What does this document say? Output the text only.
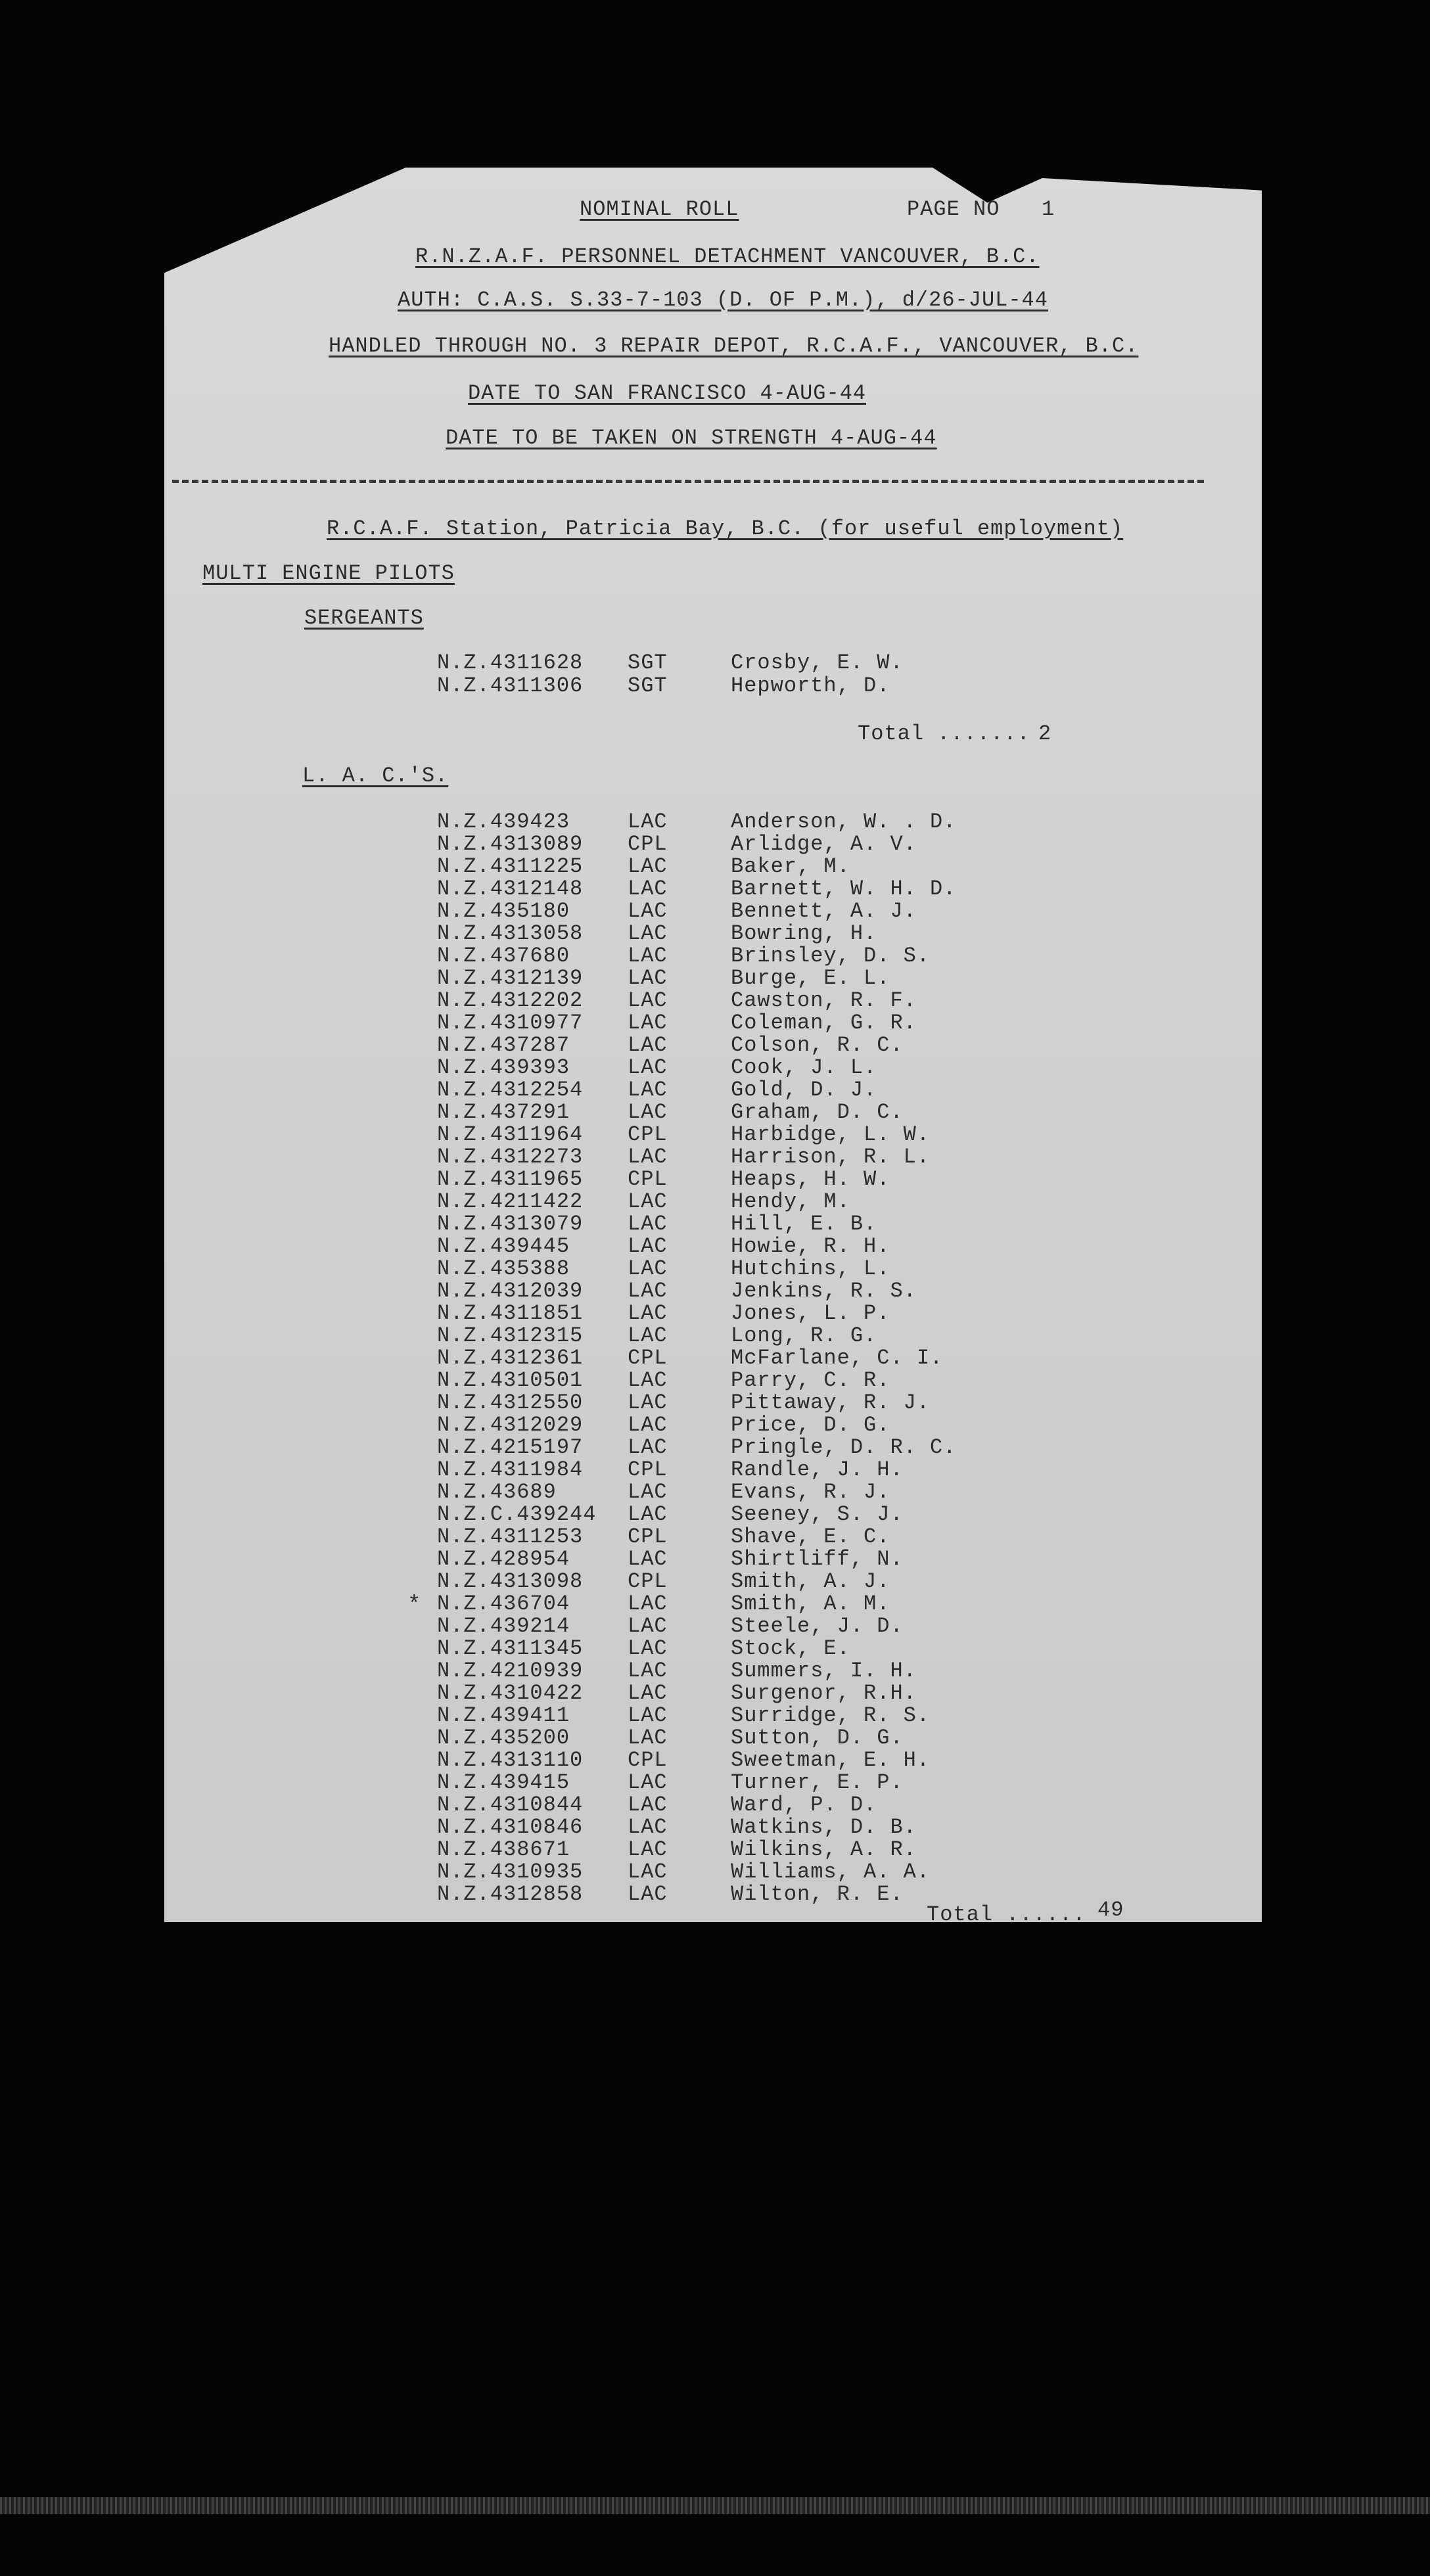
NOMINAL ROLL	PAGE NO 1
R.N.Z.A.F. PERSONNEL DETACHMENT VANCOUVER, B.C.
AUTH: C.A.S. S.33-7-103 (D. OF P.M.), d/26-JUL-44
HANDLED THROUGH NO. 3 REPAIR DEPOT, R.C.A.F., VANCOUVER, B.C.
DATE TO SAN FRANCISCO 4-AUG-44
DATE TO BE TAKEN ON STRENGTH 4-AUG-44
R.C.A.F. Station, Patricia Bay, B.C. (for useful employment)
MULTI ENGINE PILOTS
SERGEANTS
N.Z.4311628 SGT	Crosby, E. W.
N.Z.4311306 SGT	Hepworth, D.
Total ....... 2
L. A. C.'S.
*
N.Z.439423	LAC	Anderson, W. . D.
N.Z.4313089 CPL	Arlidge, A. V.
N.Z.4311225 LAC	Baker, M.
N.Z.4312148 LAC	Barnett, W. H. D.
N.Z.435180	LAC	Bennett, A. J.
N.Z.4313058 LAC	Bowring, H.
N.Z.437680	LAC	Brinsley, D. S.
N.Z.4312139 LAC	Burge, E. L.
N.Z.4312202 LAC	Cawston, R. F.
N.Z.4310977 LAC	Coleman, G. R.
N.Z.437287	LAC	Colson, R. C.
N.Z.439393	LAC	Cook, J. L.
N.Z.4312254 LAC	Gold, D. J.
N.Z.437291	LAC	Graham, D. C.
N.Z.4311964 CPL	Harbidge, L. W.
N.Z.4312273 LAC	Harrison, R. L.
N.Z.4311965 CPL	Heaps, H. W.
N.Z.4211422 LAC	Hendy, M.
N.Z.4313079 LAC	Hill, E. B.
N.Z.439445	LAC	Howie, R. H.
N.Z.435388	LAC	Hutchins, L.
N.Z.4312039 LAC	Jenkins, R. S.
N.Z.4311851 LAC	Jones, L. P.
N.Z.4312315 LAC	Long, R. G.
N.Z.4312361 CPL	McFarlane, C. I.
N.Z.4310501 LAC	Parry, C. R.
N.Z.4312550 LAC	Pittaway, R. J.
N.Z.4312029 LAC	Price, D. G.
N.Z.4215197 LAC	Pringle, D. R. C.
N.Z.4311984 CPL	Randle, J. H.
N.Z.43689	LAC	Evans, R. J.
N.Z.C.439244 LAC	Seeney, S. J.
N.Z.4311253 CPL	Shave, E. C.
N.Z.428954	LAC	Shirtliff, N.
N.Z.4313098 CPL	Smith, A. J.
N.Z.436704	LAC	Smith, A. M.
N.Z.439214	LAC	Steele, J. D.
N.Z.4311345 LAC	Stock, E.
N.Z.4210939 LAC	Summers, I. H.
N.Z.4310422 LAC	Surgenor, R.H.
N.Z.439411	LAC	Surridge, R. S.
N.Z.435200	LAC	Sutton, D. G.
N.Z.4313110 CPL	Sweetman, E. H.
N.Z.439415	LAC	Turner, E. P.
N.Z.4310844 LAC	Ward, P. D.
N.Z.4310846 LAC	Watkins, D. B.
N.Z.438671	LAC	Wilkins, A. R.
N.Z.4310935 LAC	Williams, A. A.
N.Z.4312858 LAC	Wilton, R. E.
Total ...... 49
